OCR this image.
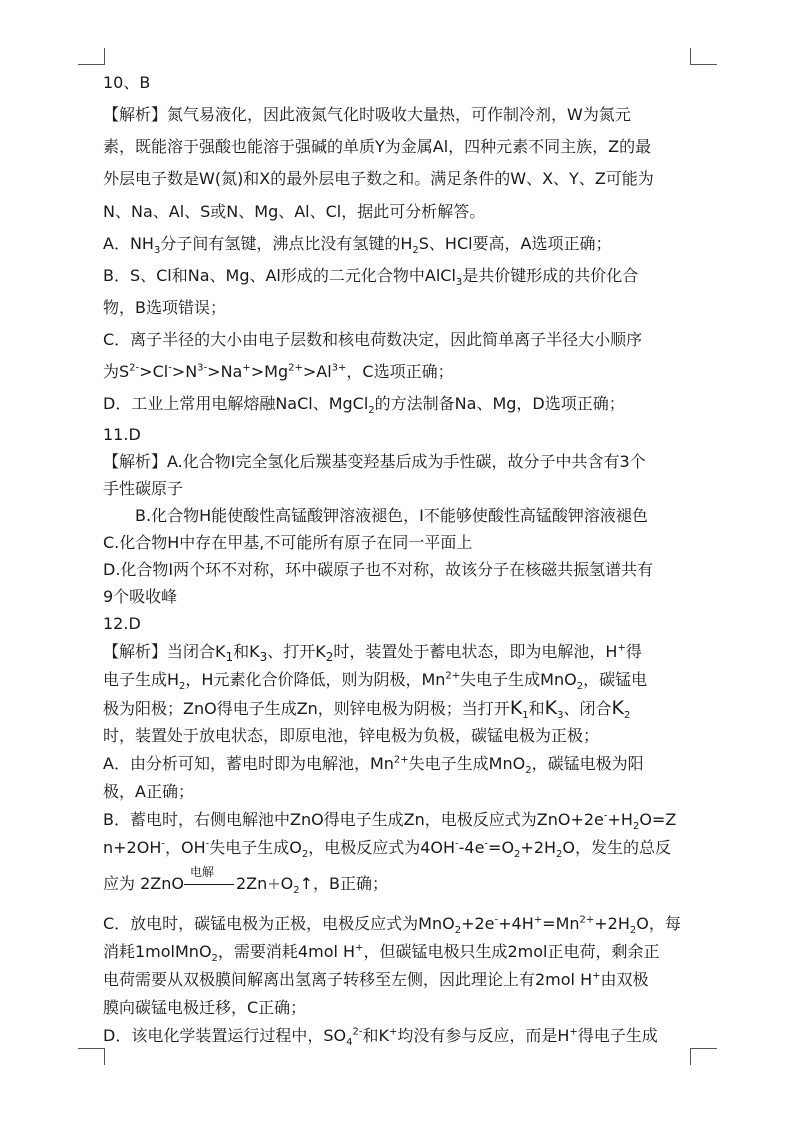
10、B
【解析】氮气易液化，因此液氮气化时吸收大量热，可作制冷剂，W为氮元
素，既能溶于强酸也能溶于强碱的单质Y为金属Al，四种元素不同主族，Z的最
外层电子数是W(氮)和X的最外层电子数之和。满足条件的W、X、Y、Z可能为
N、Na、Al、S或N、Mg、Al、Cl，据此可分析解答。
A．$NH_3$分子间有氢键，沸点比没有氢键的$H_2S$、HCl要高，A选项正确；
B．S、Cl和Na、Mg、Al形成的二元化合物中AlCl$_3$是共价键形成的共价化合
物，B选项错误；
C．离子半径的大小由电子层数和核电荷数决定，因此简单离子半径大小顺序
为$S^{2-}>Cl^->N^{3-}>Na^+>Mg^{2+}>Al^{3+}$，C选项正确；
D．工业上常用电解熔融NaCl、MgCl$_2$的方法制备Na、Mg，D选项正确；
11.D
【解析】A.化合物I完全氢化后羰基变羟基后成为手性碳，故分子中共含有3个
手性碳原子
B.化合物H能使酸性高锰酸钾溶液褪色，I不能够使酸性高锰酸钾溶液褪色
C.化合物H中存在甲基,不可能所有原子在同一平面上
D.化合物I两个环不对称，环中碳原子也不对称，故该分子在核磁共振氢谱共有
9个吸收峰
12.D
【解析】当闭合$K_1$和$K_3$、打开$K_2$时，装置处于蓄电状态，即为电解池，H+得
电子生成$H_2$，H元素化合价降低，则为阴极，$Mn^{2+}$失电子生成MnO$_2$，碳锰电
极为阳极；ZnO得电子生成Zn，则锌电极为阴极；当打开$K_1$和$K_3$、闭合$K_2$
时，装置处于放电状态，即原电池，锌电极为负极，碳锰电极为正极；
A．由分析可知，蓄电时即为电解池，$Mn^{2+}$失电子生成MnO$_2$，碳锰电极为阳
极，A正确；
B．蓄电时，右侧电解池中ZnO得电子生成Zn，电极反应式为$ZnO+2e^-+H_2O=Z$
n+2OH-，OH-失电子生成$O_2$，电极反应式为$4OH^--4e^-=O_2+2H_2O$，发生的总反
应为 2ZnO
电解
$2Zn+O_2↑$，B正确；
C．放电时，碳锰电极为正极，电极反应式为$MnO_2+2e^-+4H^+=Mn^{2+}+2H_2O$，每
消耗1molMnO$_2$，需要消耗4mol H+，但碳锰电极只生成2mol正电荷，剩余正
电荷需要从双极膜间解离出氢离子转移至左侧，因此理论上有2mol H+由双极
膜向碳锰电极迁移，C正确；
D．该电化学装置运行过程中，$SO_4^{2-}$和K+均没有参与反应，而是H+得电子生成
